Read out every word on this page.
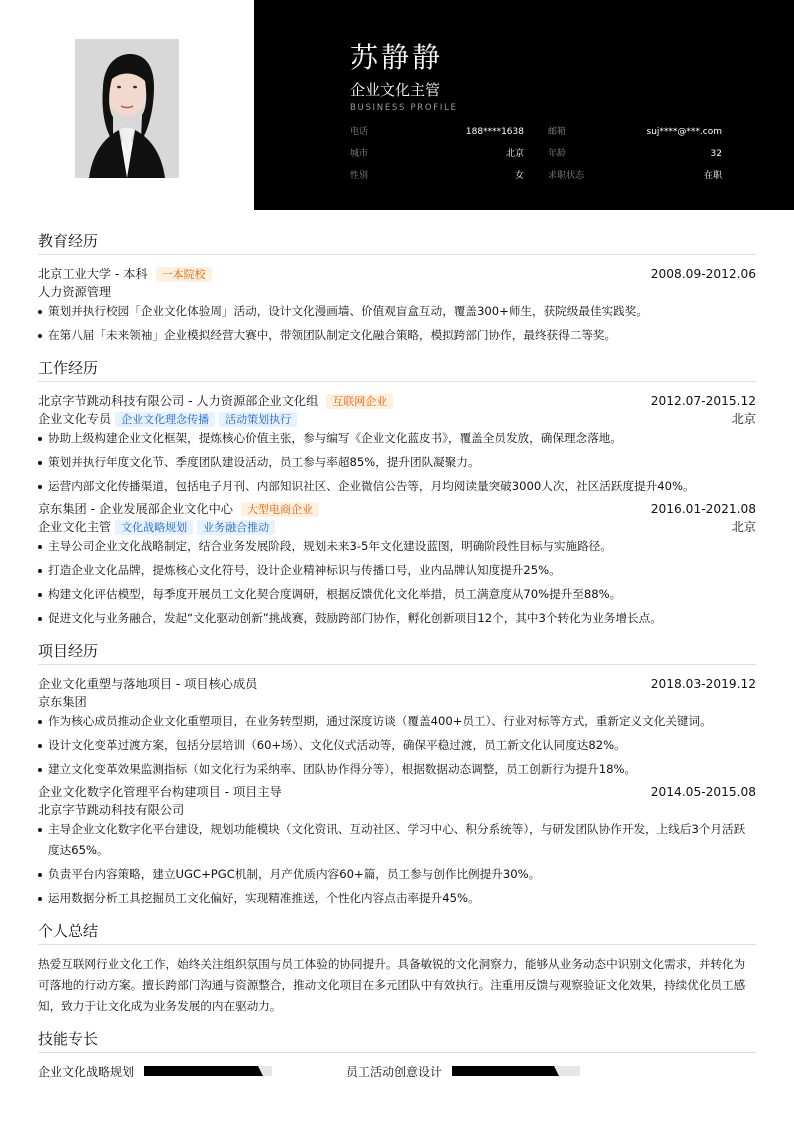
苏静静
企业文化主管
BUSINESS PROFILE
电话	188****1638	邮箱	suj****@***.com
城市	北京	年龄	32
性别	女	求职状态	在职
教育经历
北京工业大学 - 本科	一本院校	2008.09-2012.06
人力资源管理
策划并执行校园「企业文化体验周」活动，设计文化漫画墙、价值观盲盒互动，覆盖300+师生，获院级最佳实践奖。
在第八届「未来领袖」企业模拟经营大赛中，带领团队制定文化融合策略，模拟跨部门协作，最终获得二等奖。
工作经历
北京字节跳动科技有限公司 - 人力资源部企业文化组	互联网企业	2012.07-2015.12
企业文化专员 企业文化理念传播	活动策划执行	北京
协助上级构建企业文化框架，提炼核心价值主张，参与编写《企业文化蓝皮书》，覆盖全员发放，确保理念落地。
策划并执行年度文化节、季度团队建设活动，员工参与率超85%，提升团队凝聚力。
运营内部文化传播渠道，包括电子月刊、内部知识社区、企业微信公告等，月均阅读量突破3000人次，社区活跃度提升40%。
京东集团 - 企业发展部企业文化中心	大型电商企业	2016.01-2021.08
企业文化主管 文化战略规划	业务融合推动	北京
主导公司企业文化战略制定，结合业务发展阶段，规划未来3-5年文化建设蓝图，明确阶段性目标与实施路径。
打造企业文化品牌，提炼核心文化符号，设计企业精神标识与传播口号，业内品牌认知度提升25%。
构建文化评估模型，每季度开展员工文化契合度调研，根据反馈优化文化举措，员工满意度从70%提升至88%。
促进文化与业务融合，发起“文化驱动创新”挑战赛，鼓励跨部门协作，孵化创新项目12个，其中3个转化为业务增长点。
项目经历
企业文化重塑与落地项目 - 项目核心成员	2018.03-2019.12
京东集团
作为核心成员推动企业文化重塑项目，在业务转型期，通过深度访谈（覆盖400+员工）、行业对标等方式，重新定义文化关键词。
设计文化变革过渡方案，包括分层培训（60+场）、文化仪式活动等，确保平稳过渡，员工新文化认同度达82%。
建立文化变革效果监测指标（如文化行为采纳率、团队协作得分等），根据数据动态调整，员工创新行为提升18%。
企业文化数字化管理平台构建项目 - 项目主导	2014.05-2015.08
北京字节跳动科技有限公司
主导企业文化数字化平台建设，规划功能模块（文化资讯、互动社区、学习中心、积分系统等），与研发团队协作开发，上线后3个月活跃度达65%。
负责平台内容策略，建立UGC+PGC机制，月产优质内容60+篇，员工参与创作比例提升30%。
运用数据分析工具挖掘员工文化偏好，实现精准推送，个性化内容点击率提升45%。
个人总结
热爱互联网行业文化工作，始终关注组织氛围与员工体验的协同提升。具备敏锐的文化洞察力，能够从业务动态中识别文化需求，并转化为可落地的行动方案。擅长跨部门沟通与资源整合，推动文化项目在多元团队中有效执行。注重用反馈与观察验证文化效果，持续优化员工感知，致力于让文化成为业务发展的内在驱动力。
技能专长
企业文化战略规划	员工活动创意设计
